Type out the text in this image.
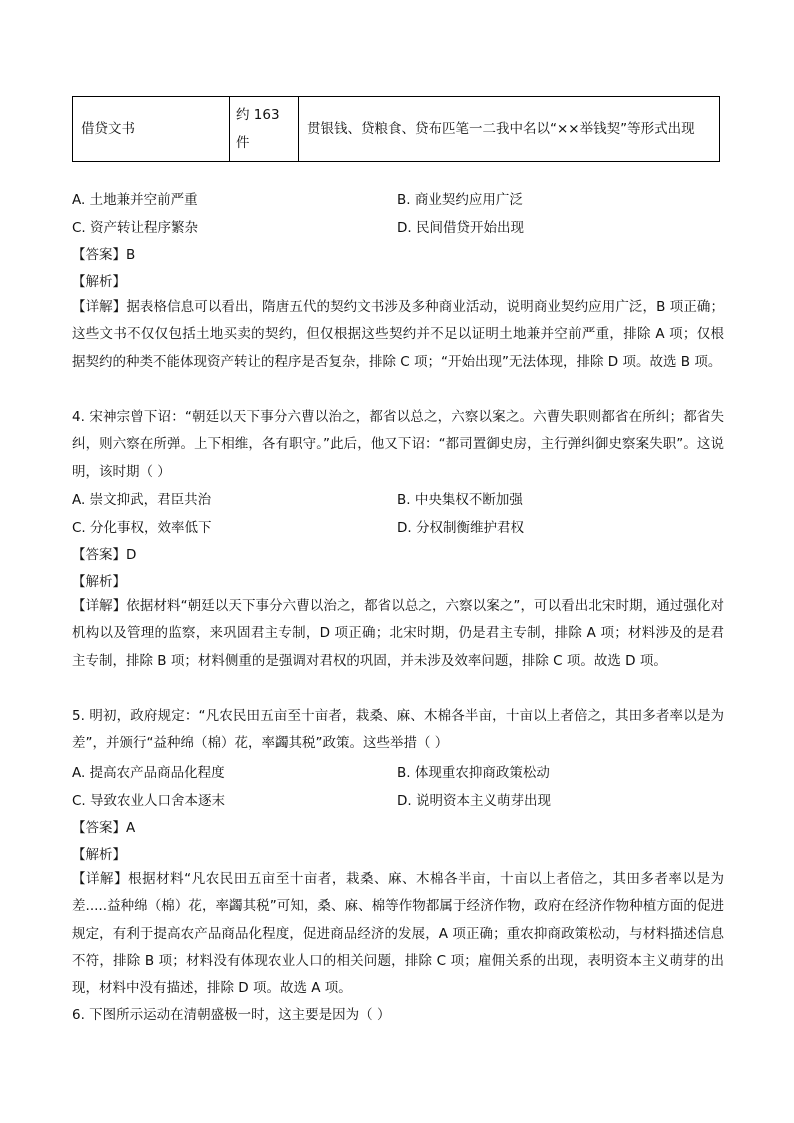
借贷文书	约 163 件	贯银钱、贷粮食、贷布匹笔一二我中名以“××举钱契”等形式出现
A. 土地兼并空前严重	B. 商业契约应用广泛
C. 资产转让程序繁杂	D. 民间借贷开始出现
【答案】B
【解析】
【详解】据表格信息可以看出，隋唐五代的契约文书涉及多种商业活动，说明商业契约应用广泛，B 项正确；这些文书不仅仅包括土地买卖的契约，但仅根据这些契约并不足以证明土地兼并空前严重，排除 A 项；仅根据契约的种类不能体现资产转让的程序是否复杂，排除 C 项；“开始出现”无法体现，排除 D 项。故选 B 项。
4. 宋神宗曾下诏：“朝廷以天下事分六曹以治之，都省以总之，六察以案之。六曹失职则都省在所纠；都省失纠，则六察在所弹。上下相维，各有职守。”此后，他又下诏：“都司置御史房，主行弹纠御史察案失职”。这说明，该时期（ ）
A. 崇文抑武，君臣共治	B. 中央集权不断加强
C. 分化事权，效率低下	D. 分权制衡维护君权
【答案】D
【解析】
【详解】依据材料“朝廷以天下事分六曹以治之，都省以总之，六察以案之”，可以看出北宋时期，通过强化对机构以及管理的监察，来巩固君主专制，D 项正确；北宋时期，仍是君主专制，排除 A 项；材料涉及的是君主专制，排除 B 项；材料侧重的是强调对君权的巩固，并未涉及效率问题，排除 C 项。故选 D 项。
5. 明初，政府规定：“凡农民田五亩至十亩者，栽桑、麻、木棉各半亩，十亩以上者倍之，其田多者率以是为差”，并颁行“益种绵（棉）花，率蠲其税”政策。这些举措（ ）
A. 提高农产品商品化程度	B. 体现重农抑商政策松动
C. 导致农业人口舍本逐末	D. 说明资本主义萌芽出现
【答案】A
【解析】
【详解】根据材料“凡农民田五亩至十亩者，栽桑、麻、木棉各半亩，十亩以上者倍之，其田多者率以是为差.....益种绵（棉）花，率蠲其税”可知，桑、麻、棉等作物都属于经济作物，政府在经济作物种植方面的促进规定，有利于提高农产品商品化程度，促进商品经济的发展，A 项正确；重农抑商政策松动，与材料描述信息不符，排除 B 项；材料没有体现农业人口的相关问题，排除 C 项；雇佣关系的出现，表明资本主义萌芽的出现，材料中没有描述，排除 D 项。故选 A 项。
6. 下图所示运动在清朝盛极一时，这主要是因为（ ）
